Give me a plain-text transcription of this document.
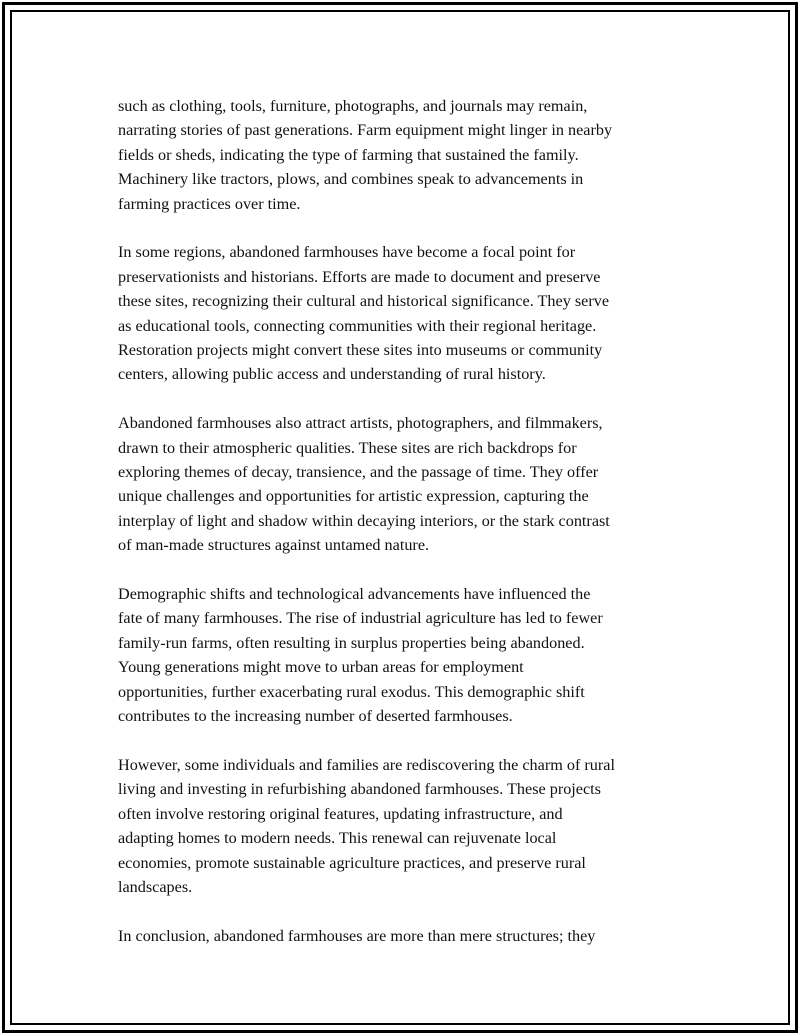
such as clothing, tools, furniture, photographs, and journals may remain,
narrating stories of past generations. Farm equipment might linger in nearby
fields or sheds, indicating the type of farming that sustained the family.
Machinery like tractors, plows, and combines speak to advancements in
farming practices over time.

In some regions, abandoned farmhouses have become a focal point for
preservationists and historians. Efforts are made to document and preserve
these sites, recognizing their cultural and historical significance. They serve
as educational tools, connecting communities with their regional heritage.
Restoration projects might convert these sites into museums or community
centers, allowing public access and understanding of rural history.

Abandoned farmhouses also attract artists, photographers, and filmmakers,
drawn to their atmospheric qualities. These sites are rich backdrops for
exploring themes of decay, transience, and the passage of time. They offer
unique challenges and opportunities for artistic expression, capturing the
interplay of light and shadow within decaying interiors, or the stark contrast
of man-made structures against untamed nature.

Demographic shifts and technological advancements have influenced the
fate of many farmhouses. The rise of industrial agriculture has led to fewer
family-run farms, often resulting in surplus properties being abandoned.
Young generations might move to urban areas for employment
opportunities, further exacerbating rural exodus. This demographic shift
contributes to the increasing number of deserted farmhouses.

However, some individuals and families are rediscovering the charm of rural
living and investing in refurbishing abandoned farmhouses. These projects
often involve restoring original features, updating infrastructure, and
adapting homes to modern needs. This renewal can rejuvenate local
economies, promote sustainable agriculture practices, and preserve rural
landscapes.

In conclusion, abandoned farmhouses are more than mere structures; they
